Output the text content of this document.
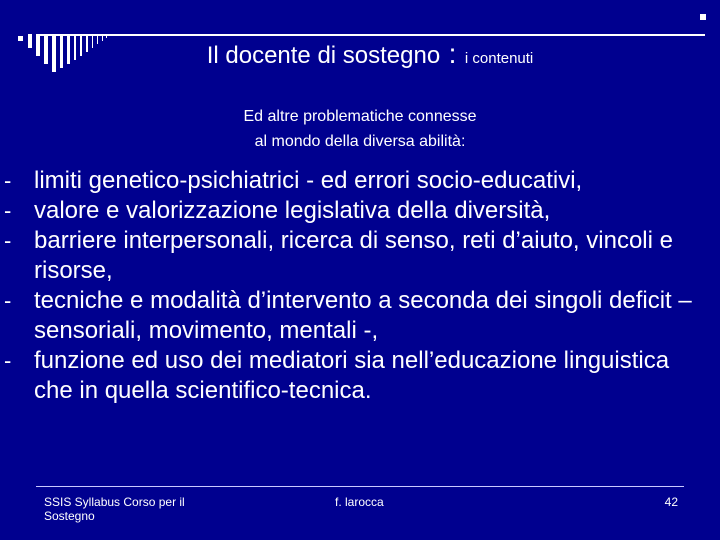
Il docente di sostegno : i contenuti
Ed altre problematiche connesse
al mondo della diversa abilità:
- limiti genetico-psichiatrici - ed errori socio-educativi,
- valore e valorizzazione legislativa della diversità,
- barriere interpersonali, ricerca di senso, reti d’aiuto, vincoli e risorse,
- tecniche e modalità d’intervento a seconda dei singoli deficit – sensoriali, movimento, mentali -,
- funzione ed uso dei mediatori sia nell’educazione linguistica che in quella scientifico-tecnica.
SSIS Syllabus Corso per il Sostegno
f. larocca	42
